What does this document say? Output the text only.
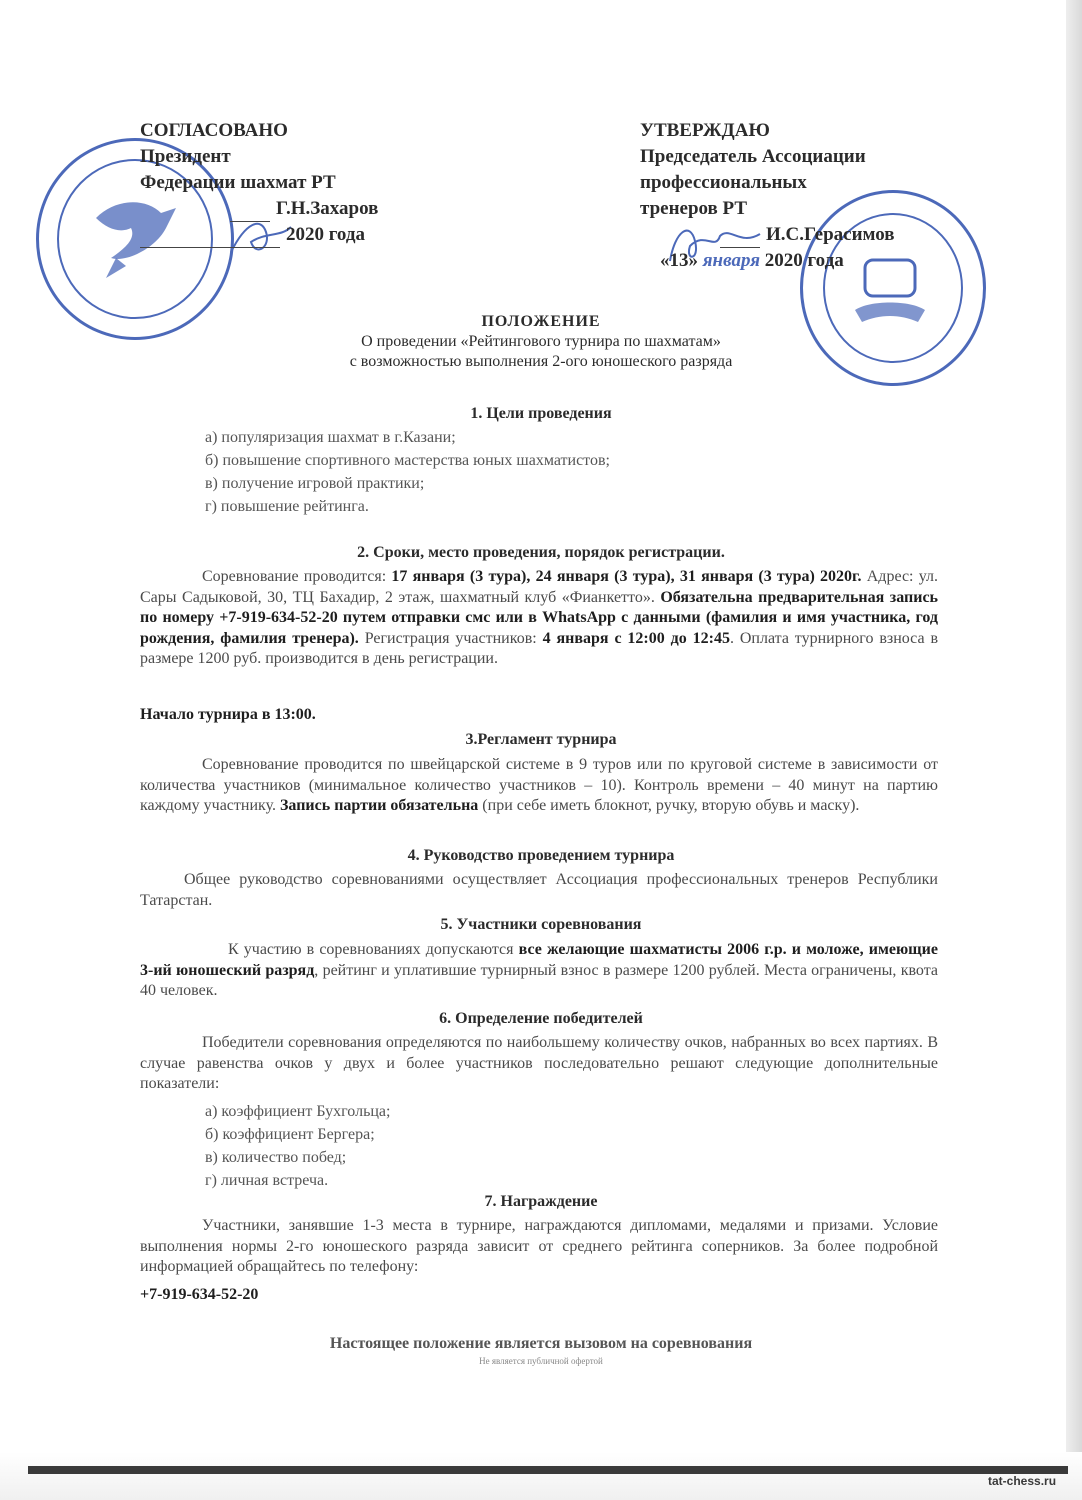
tat-chess.ru
СОГЛАСОВАНО
Президент
Федерации шахмат РТ
Г.Н.Захаров
2020 года
УТВЕРЖДАЮ
Председатель Ассоциации
профессиональных
тренеров РТ
И.С.Герасимов
«13» января 2020 года
ПОЛОЖЕНИЕ
О проведении «Рейтингового турнира по шахматам»
с возможностью выполнения 2-ого юношеского разряда
1. Цели проведения
а) популяризация шахмат в г.Казани;
б) повышение спортивного мастерства юных шахматистов;
в) получение игровой практики;
г) повышение рейтинга.
2. Сроки, место проведения, порядок регистрации.
Соревнование проводится: 17 января (3 тура), 24 января (3 тура), 31 января (3 тура) 2020г. Адрес: ул. Сары Садыковой, 30, ТЦ Бахадир, 2 этаж, шахматный клуб «Фианкетто». Обязательна предварительная запись по номеру +7-919-634-52-20 путем отправки смс или в WhatsApp с данными (фамилия и имя участника, год рождения, фамилия тренера). Регистрация участников: 4 января с 12:00 до 12:45. Оплата турнирного взноса в размере 1200 руб. производится в день регистрации.
Начало турнира в 13:00.
3.Регламент турнира
Соревнование проводится по швейцарской системе в 9 туров или по круговой системе в зависимости от количества участников (минимальное количество участников – 10). Контроль времени – 40 минут на партию каждому участнику. Запись партии обязательна (при себе иметь блокнот, ручку, вторую обувь и маску).
4. Руководство проведением турнира
Общее руководство соревнованиями осуществляет Ассоциация профессиональных тренеров Республики Татарстан.
5. Участники соревнования
К участию в соревнованиях допускаются все желающие шахматисты 2006 г.р. и моложе, имеющие 3-ий юношеский разряд, рейтинг и уплатившие турнирный взнос в размере 1200 рублей. Места ограничены, квота 40 человек.
6. Определение победителей
Победители соревнования определяются по наибольшему количеству очков, набранных во всех партиях. В случае равенства очков у двух и более участников последовательно решают следующие дополнительные показатели:
а) коэффициент Бухгольца;
б) коэффициент Бергера;
в) количество побед;
г) личная встреча.
7. Награждение
Участники, занявшие 1-3 места в турнире, награждаются дипломами, медалями и призами. Условие выполнения нормы 2-го юношеского разряда зависит от среднего рейтинга соперников. За более подробной информацией обращайтесь по телефону:
+7-919-634-52-20
Настоящее положение является вызовом на соревнования
Не является публичной офертой
